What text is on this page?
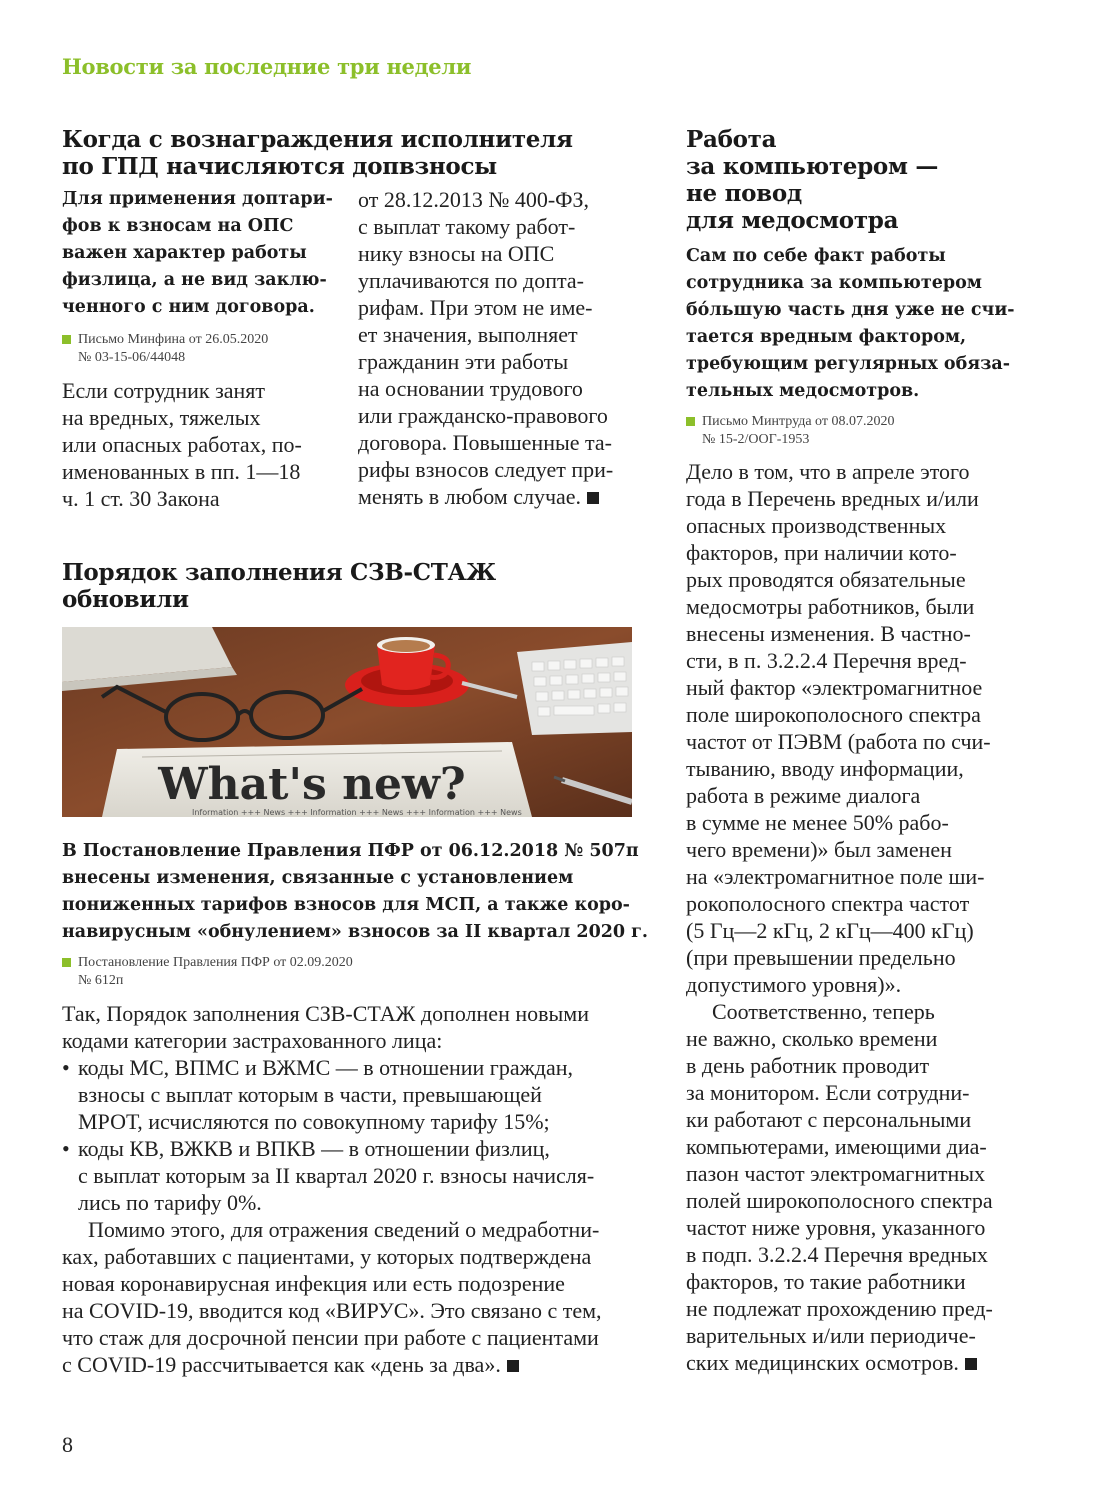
Новости за последние три недели
Когда с вознаграждения исполнителя
по ГПД начисляются допвзносы
Для применения доптари-
фов к взносам на ОПС
важен характер работы
физлица, а не вид заклю-
ченного с ним договора.
Письмо Минфина от 26.05.2020
№ 03-15-06/44048
Если сотрудник занят
на вредных, тяжелых
или опасных работах, по-
именованных в пп. 1—18
ч. 1 ст. 30 Закона
от 28.12.2013 № 400-ФЗ,
с выплат такому работ-
нику взносы на ОПС
уплачиваются по допта-
рифам. При этом не име-
ет значения, выполняет
гражданин эти работы
на основании трудового
или гражданско-правового
договора. Повышенные та-
рифы взносов следует при-
менять в любом случае.
Порядок заполнения СЗВ-СТАЖ
обновили
What's new?
Information +++ News +++ Information +++ News +++ Information +++ News
В Постановление Правления ПФР от 06.12.2018 № 507п
внесены изменения, связанные с установлением
пониженных тарифов взносов для МСП, а также коро-
навирусным «обнулением» взносов за II квартал 2020 г.
Постановление Правления ПФР от 02.09.2020
№ 612п
Так, Порядок заполнения СЗВ-СТАЖ дополнен новыми
кодами категории застрахованного лица:
• коды МС, ВПМС и ВЖМС — в отношении граждан,
взносы с выплат которым в части, превышающей
МРОТ, исчисляются по совокупному тарифу 15%;
• коды КВ, ВЖКВ и ВПКВ — в отношении физлиц,
с выплат которым за II квартал 2020 г. взносы начисля-
лись по тарифу 0%.
Помимо этого, для отражения сведений о медработни-
ках, работавших с пациентами, у которых подтверждена
новая коронавирусная инфекция или есть подозрение
на COVID-19, вводится код «ВИРУС». Это связано с тем,
что стаж для досрочной пенсии при работе с пациентами
с COVID-19 рассчитывается как «день за два».
Работа
за компьютером —
не повод
для медосмотра
Сам по себе факт работы
сотрудника за компьютером
бо́льшую часть дня уже не счи-
тается вредным фактором,
требующим регулярных обяза-
тельных медосмотров.
Письмо Минтруда от 08.07.2020
№ 15-2/ООГ-1953
Дело в том, что в апреле этого
года в Перечень вредных и/или
опасных производственных
факторов, при наличии кото-
рых проводятся обязательные
медосмотры работников, были
внесены изменения. В частно-
сти, в п. 3.2.2.4 Перечня вред-
ный фактор «электромагнитное
поле широкополосного спектра
частот от ПЭВМ (работа по счи-
тыванию, вводу информации,
работа в режиме диалога
в сумме не менее 50% рабо-
чего времени)» был заменен
на «электромагнитное поле ши-
рокополосного спектра частот
(5 Гц—2 кГц, 2 кГц—400 кГц)
(при превышении предельно
допустимого уровня)».
Соответственно, теперь
не важно, сколько времени
в день работник проводит
за монитором. Если сотрудни-
ки работают с персональными
компьютерами, имеющими диа-
пазон частот электромагнитных
полей широкополосного спектра
частот ниже уровня, указанного
в подп. 3.2.2.4 Перечня вредных
факторов, то такие работники
не подлежат прохождению пред-
варительных и/или периодиче-
ских медицинских осмотров.
8
